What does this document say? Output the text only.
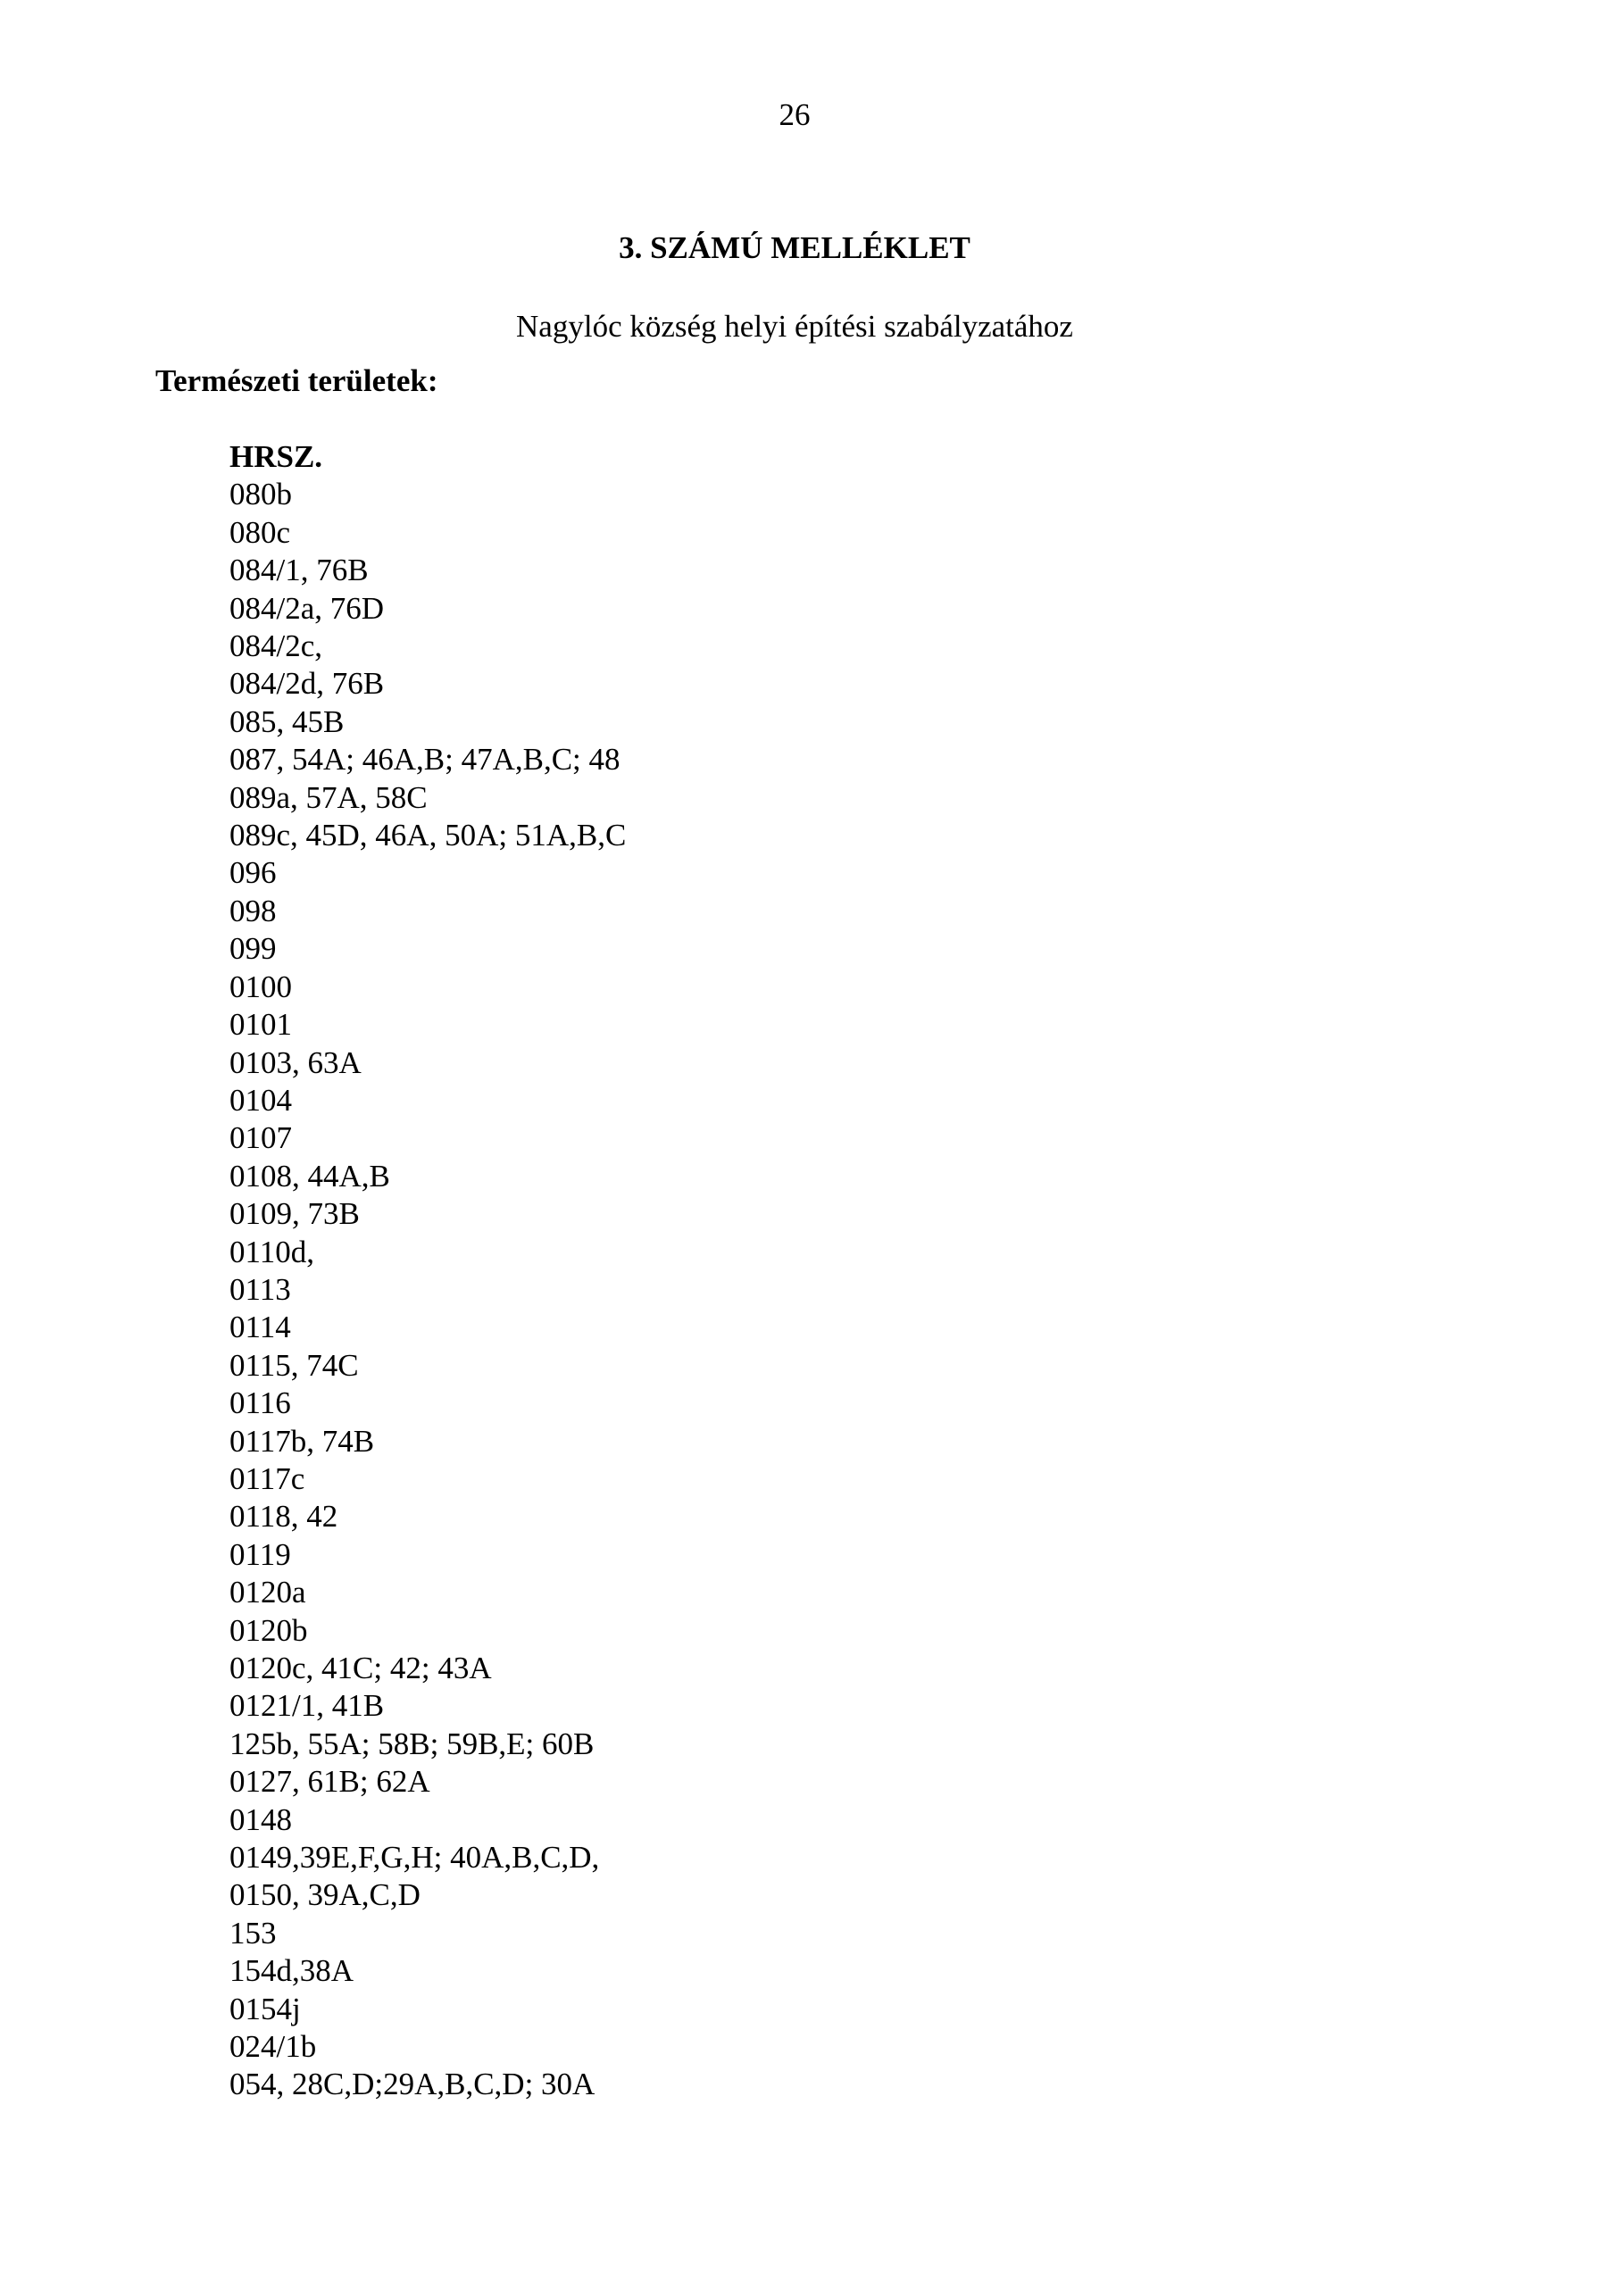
26
3. SZÁMÚ MELLÉKLET
Nagylóc község helyi építési szabályzatához
Természeti területek:
HRSZ.
080b
080c
084/1, 76B
084/2a, 76D
084/2c,
084/2d, 76B
085, 45B
087, 54A; 46A,B; 47A,B,C; 48
089a, 57A, 58C
089c, 45D, 46A, 50A; 51A,B,C
096
098
099
0100
0101
0103, 63A
0104
0107
0108, 44A,B
0109, 73B
0110d,
0113
0114
0115, 74C
0116
0117b, 74B
0117c
0118, 42
0119
0120a
0120b
0120c, 41C; 42; 43A
0121/1, 41B
125b, 55A; 58B; 59B,E; 60B
0127, 61B; 62A
0148
0149,39E,F,G,H; 40A,B,C,D,
0150, 39A,C,D
153
154d,38A
0154j
024/1b
054, 28C,D;29A,B,C,D; 30A
